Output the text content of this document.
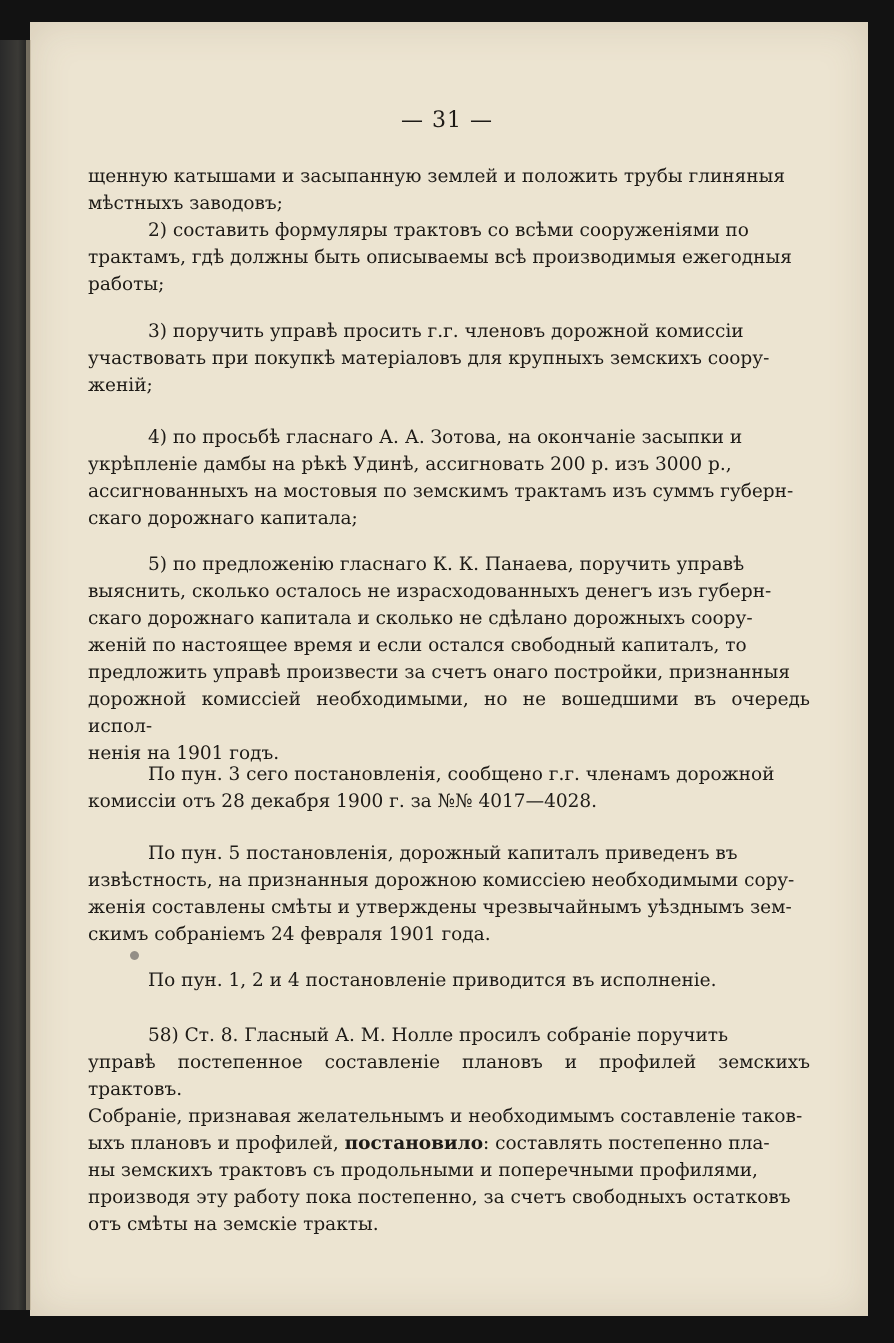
— 31 —

щенную катышами и засыпанную землей и положить трубы глиняныя
мѣстныхъ заводовъ;

2) составить формуляры трактовъ со всѣми сооруженіями по
трактамъ, гдѣ должны быть описываемы всѣ производимыя ежегодныя
работы;

3) поручить управѣ просить г.г. членовъ дорожной комиссіи
участвовать при покупкѣ матеріаловъ для крупныхъ земскихъ соору-
женій;

4) по просьбѣ гласнаго А. А. Зотова, на окончаніе засыпки и
укрѣпленіе дамбы на рѣкѣ Удинѣ, ассигновать 200 р. изъ 3000 р.,
ассигнованныхъ на мостовыя по земскимъ трактамъ изъ суммъ губерн-
скаго дорожнаго капитала;

5) по предложенію гласнаго К. К. Панаева, поручить управѣ
выяснить, сколько осталось не израсходованныхъ денегъ изъ губерн-
скаго дорожнаго капитала и сколько не сдѣлано дорожныхъ соору-
женій по настоящее время и если остался свободный капиталъ, то
предложить управѣ произвести за счетъ онаго постройки, признанныя
дорожной комиссіей необходимыми, но не вошедшими въ очередь испол-
ненія на 1901 годъ.

По пун. 3 сего постановленія, сообщено г.г. членамъ дорожной
комиссіи отъ 28 декабря 1900 г. за №№ 4017—4028.

По пун. 5 постановленія, дорожный капиталъ приведенъ въ
извѣстность, на признанныя дорожною комиссіею необходимыми copy-
женія составлены смѣты и утверждены чрезвычайнымъ уѣзднымъ зем-
скимъ собраніемъ 24 февраля 1901 года.

По пун. 1, 2 и 4 постановленіе приводится въ исполненіе.

58) Ст. 8. Гласный А. М. Нолле просилъ собраніе поручить
управѣ постепенное составленіе плановъ и профилей земскихъ трактовъ.
Собраніе, признавая желательнымъ и необходимымъ составленіе таков-
ыхъ плановъ и профилей, постановило: составлять постепенно пла-
ны земскихъ трактовъ съ продольными и поперечными профилями,
производя эту работу пока постепенно, за счетъ свободныхъ остатковъ
отъ смѣты на земскіе тракты.
